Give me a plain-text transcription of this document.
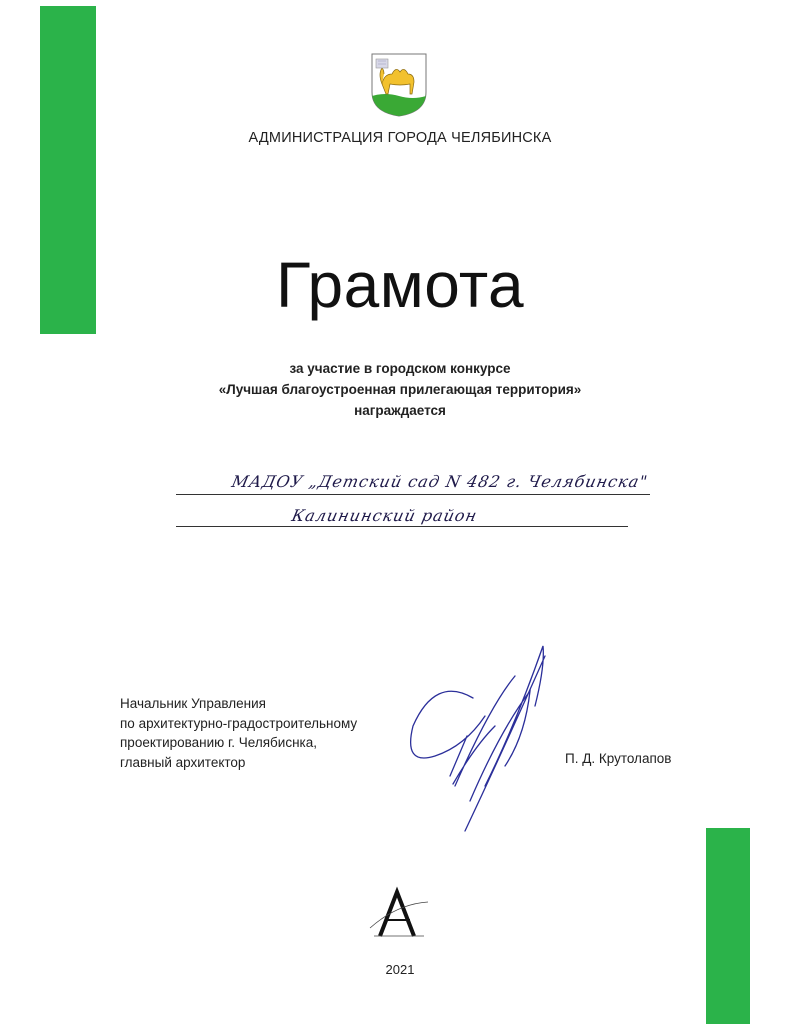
АДМИНИСТРАЦИЯ ГОРОДА ЧЕЛЯБИНСКА
Грамота
за участие в городском конкурсе
«Лучшая благоустроенная прилегающая территория»
награждается
МАДОУ „Детский сад N 482 г. Челябинска"
Калининский район
Начальник Управления
по архитектурно-градостроительному
проектированию г. Челябиснка,
главный архитектор	П. Д. Крутолапов
2021
